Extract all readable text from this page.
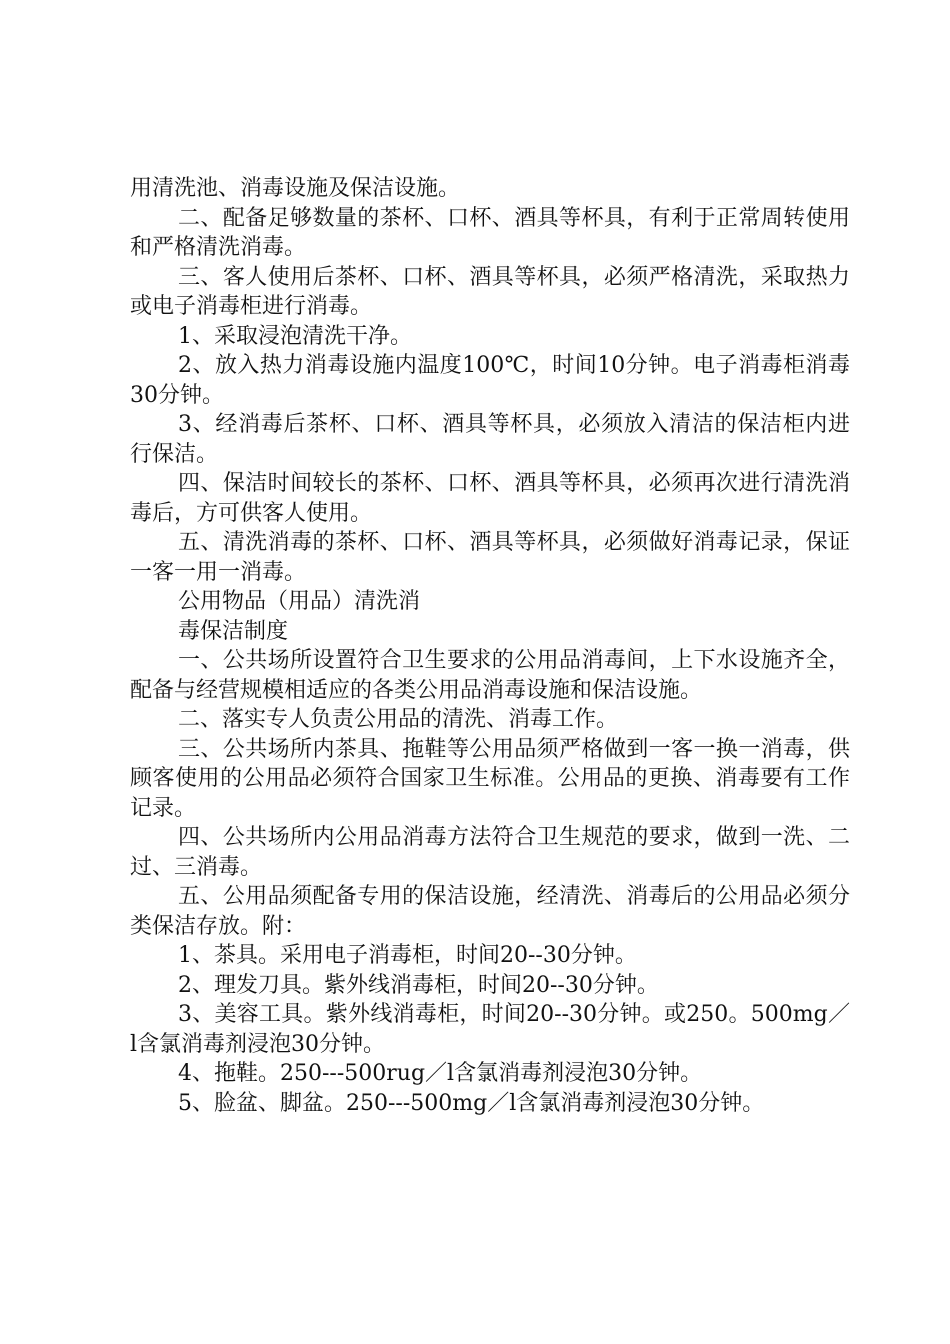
用清洗池、消毒设施及保洁设施。

二、配备足够数量的茶杯、口杯、酒具等杯具，有利于正常周转使用和严格清洗消毒。

三、客人使用后茶杯、口杯、酒具等杯具，必须严格清洗，采取热力或电子消毒柜进行消毒。

1、采取浸泡清洗干净。

2、放入热力消毒设施内温度100℃，时间10分钟。电子消毒柜消毒30分钟。

3、经消毒后茶杯、口杯、酒具等杯具，必须放入清洁的保洁柜内进行保洁。

四、保洁时间较长的茶杯、口杯、酒具等杯具，必须再次进行清洗消毒后，方可供客人使用。

五、清洗消毒的茶杯、口杯、酒具等杯具，必须做好消毒记录，保证一客一用一消毒。

公用物品（用品）清洗消

毒保洁制度

一、公共场所设置符合卫生要求的公用品消毒间，上下水设施齐全，配备与经营规模相适应的各类公用品消毒设施和保洁设施。

二、落实专人负责公用品的清洗、消毒工作。

三、公共场所内茶具、拖鞋等公用品须严格做到一客一换一消毒，供顾客使用的公用品必须符合国家卫生标准。公用品的更换、消毒要有工作记录。

四、公共场所内公用品消毒方法符合卫生规范的要求，做到一洗、二过、三消毒。

五、公用品须配备专用的保洁设施，经清洗、消毒后的公用品必须分类保洁存放。附：

1、茶具。采用电子消毒柜，时间20--30分钟。

2、理发刀具。紫外线消毒柜，时间20--30分钟。

3、美容工具。紫外线消毒柜，时间20--30分钟。或250。500mg／l含氯消毒剂浸泡30分钟。

4、拖鞋。250---500rug／l含氯消毒剂浸泡30分钟。

5、脸盆、脚盆。250---500mg／l含氯消毒剂浸泡30分钟。
